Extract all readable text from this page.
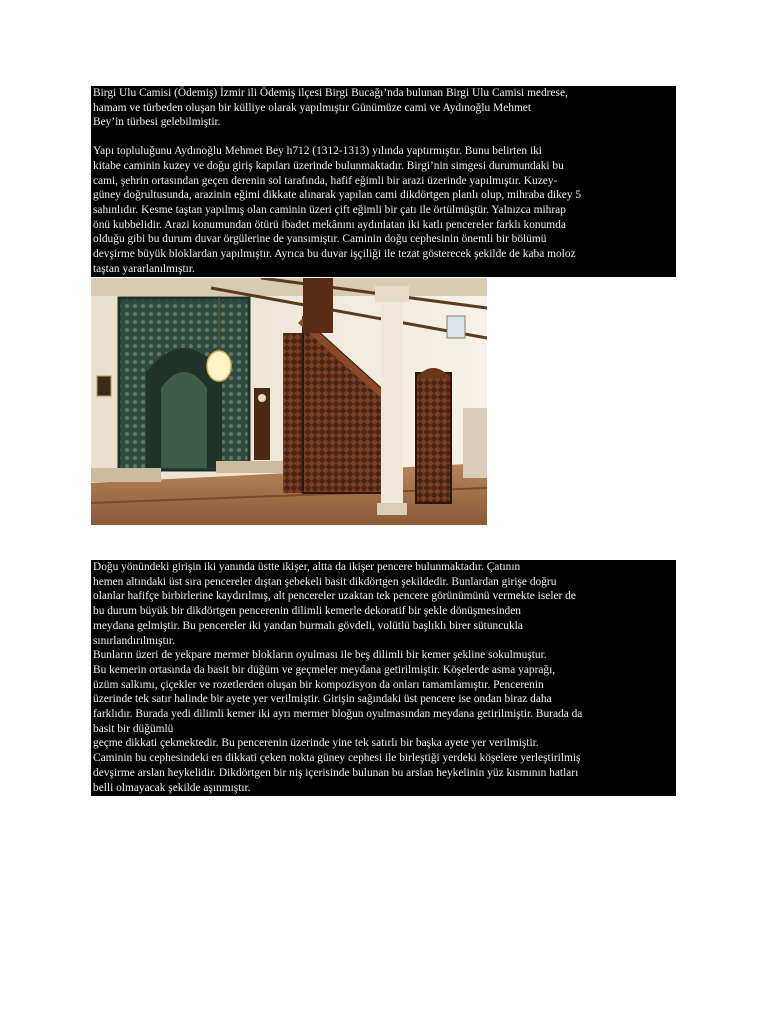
Birgi Ulu Camisi (Ödemiş) İzmir ili Ödemiş ilçesi Birgi Bucağı’nda bulunan Birgi Ulu Camisi medrese,
hamam ve türbeden oluşan bir külliye olarak yapılmıştır Günümüze cami ve Aydınoğlu Mehmet
Bey’in türbesi gelebilmiştir.

Yapı topluluğunu Aydınoğlu Mehmet Bey h712 (1312-1313) yılında yaptırmıştır. Bunu belirten iki
kitabe caminin kuzey ve doğu giriş kapıları üzerinde bulunmaktadır. Birgi’nin simgesi durumundaki bu
cami, şehrin ortasından geçen derenin sol tarafında, hafif eğimli bir arazi üzerinde yapılmıştır. Kuzey-
güney doğrultusunda, arazinin eğimi dikkate alınarak yapılan cami dikdörtgen planlı olup, mihraba dikey 5
sahınlıdır. Kesme taştan yapılmış olan caminin üzeri çift eğimli bir çatı ile örtülmüştür. Yalnızca mihrap
önü kubbelidir. Arazi konumundan ötürü ibadet mekânını aydınlatan iki katlı pencereler farklı konumda
olduğu gibi bu durum duvar örgülerine de yansımıştır. Caminin doğu cephesinin önemli bir bölümü
devşirme büyük bloklardan yapılmıştır. Ayrıca bu duvar işçiliği ile tezat gösterecek şekilde de kaba moloz
taştan yararlanılmıştır.

Doğu yönündeki girişin iki yanında üstte ikişer, altta da ikişer pencere bulunmaktadır. Çatının
hemen altındaki üst sıra pencereler dıştan şebekeli basit dikdörtgen şekildedir. Bunlardan girişe doğru
olanlar hafifçe birbirlerine kaydırılmış, alt pencereler uzaktan tek pencere görünümünü vermekte iseler de
bu durum büyük bir dikdörtgen pencerenin dilimli kemerle dekoratif bir şekle dönüşmesinden
meydana gelmiştir. Bu pencereler iki yandan burmalı gövdeli, volütlü başlıklı birer sütuncukla
sınırlandırılmıştır.
Bunların üzeri de yekpare mermer blokların oyulması ile beş dilimli bir kemer şekline sokulmuştur.
Bu kemerin ortasında da basit bir düğüm ve geçmeler meydana getirilmiştir. Köşelerde asma yaprağı,
üzüm salkımı, çiçekler ve rozetlerden oluşan bir kompozisyon da onları tamamlamıştır. Pencerenin
üzerinde tek satır halinde bir ayete yer verilmiştir. Girişin sağındaki üst pencere ise ondan biraz daha
farklıdır. Burada yedi dilimli kemer iki ayrı mermer bloğun oyulmasından meydana getirilmiştir. Burada da
basit bir düğümlü
geçme dikkati çekmektedir. Bu pencerenin üzerinde yine tek satırlı bir başka ayete yer verilmiştir.
Caminin bu cephesindeki en dikkati çeken nokta güney cephesi ile birleştiği yerdeki köşelere yerleştirilmiş
devşirme arslan heykelidir. Dikdörtgen bir niş içerisinde bulunan bu arslan heykelinin yüz kısmının hatları
belli olmayacak şekilde aşınmıştır.
